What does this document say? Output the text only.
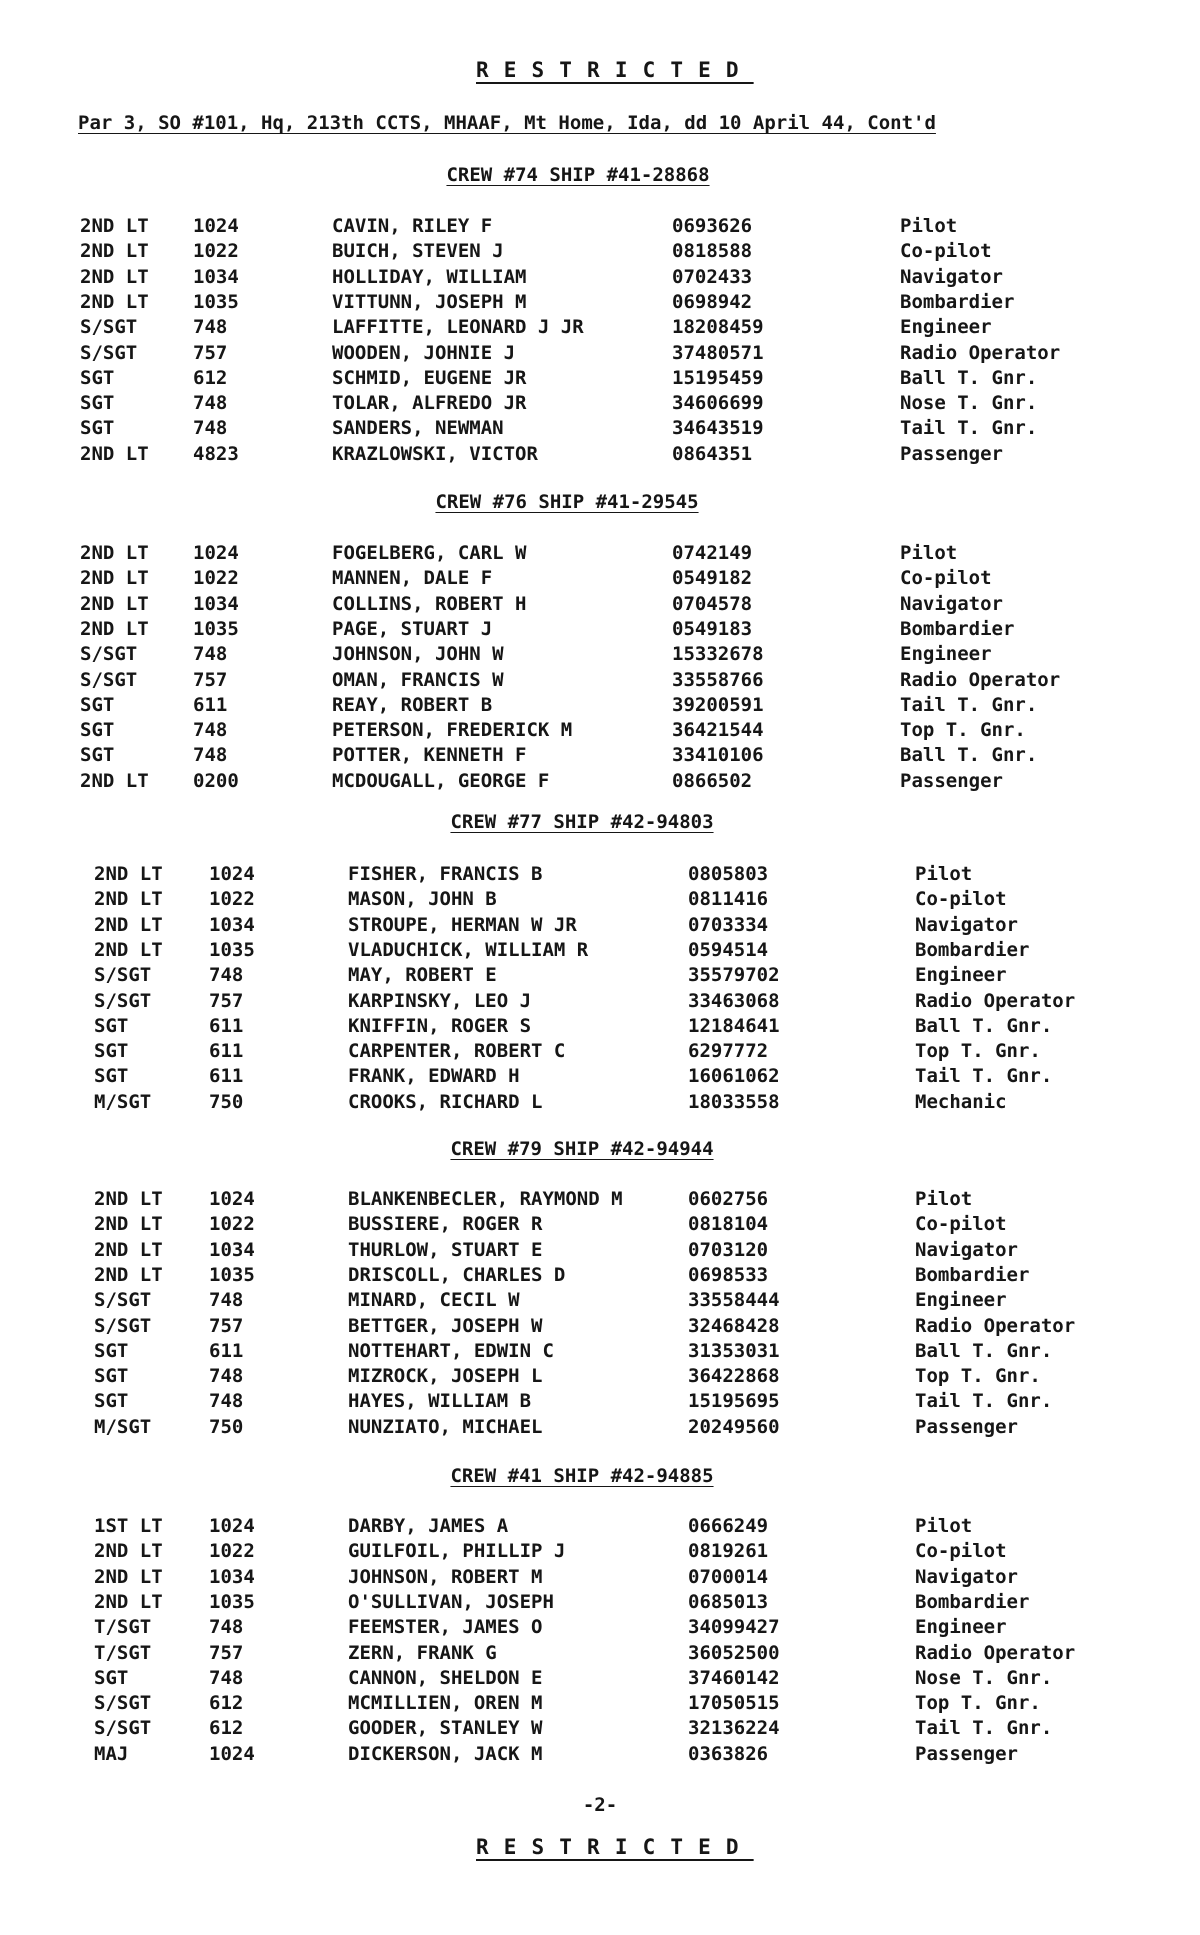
RESTRICTED
Par 3, SO #101, Hq, 213th CCTS, MHAAF, Mt Home, Ida, dd 10 April 44, Cont'd
CREW #74 SHIP #41-28868
2ND LT 1024	CAVIN, RILEY F	0693626	Pilot
2ND LT 1022	BUICH, STEVEN J	0818588	Co-pilot
2ND LT 1034	HOLLIDAY, WILLIAM	0702433	Navigator
2ND LT 1035	VITTUNN, JOSEPH M	0698942	Bombardier
S/SGT	748	LAFFITTE, LEONARD J JR	18208459	Engineer
S/SGT	757	WOODEN, JOHNIE J	37480571	Radio Operator
SGT	612	SCHMID, EUGENE JR	15195459	Ball T. Gnr.
SGT	748	TOLAR, ALFREDO JR	34606699	Nose T. Gnr.
SGT	748	SANDERS, NEWMAN	34643519	Tail T. Gnr.
2ND LT 4823	KRAZLOWSKI, VICTOR	0864351	Passenger
CREW #76 SHIP #41-29545
2ND LT 1024	FOGELBERG, CARL W	0742149	Pilot
2ND LT 1022	MANNEN, DALE F	0549182	Co-pilot
2ND LT 1034	COLLINS, ROBERT H	0704578	Navigator
2ND LT 1035	PAGE, STUART J	0549183	Bombardier
S/SGT	748	JOHNSON, JOHN W	15332678	Engineer
S/SGT	757	OMAN, FRANCIS W	33558766	Radio Operator
SGT	611	REAY, ROBERT B	39200591	Tail T. Gnr.
SGT	748	PETERSON, FREDERICK M	36421544	Top T. Gnr.
SGT	748	POTTER, KENNETH F	33410106	Ball T. Gnr.
2ND LT 0200	MCDOUGALL, GEORGE F	0866502	Passenger
CREW #77 SHIP #42-94803
2ND LT 1024	FISHER, FRANCIS B	0805803	Pilot
2ND LT 1022	MASON, JOHN B	0811416	Co-pilot
2ND LT 1034	STROUPE, HERMAN W JR	0703334	Navigator
2ND LT 1035	VLADUCHICK, WILLIAM R	0594514	Bombardier
S/SGT	748	MAY, ROBERT E	35579702	Engineer
S/SGT	757	KARPINSKY, LEO J	33463068	Radio Operator
SGT	611	KNIFFIN, ROGER S	12184641	Ball T. Gnr.
SGT	611	CARPENTER, ROBERT C	6297772	Top T. Gnr.
SGT	611	FRANK, EDWARD H	16061062	Tail T. Gnr.
M/SGT	750	CROOKS, RICHARD L	18033558	Mechanic
CREW #79 SHIP #42-94944
2ND LT 1024	BLANKENBECLER, RAYMOND M	0602756	Pilot
2ND LT 1022	BUSSIERE, ROGER R	0818104	Co-pilot
2ND LT 1034	THURLOW, STUART E	0703120	Navigator
2ND LT 1035	DRISCOLL, CHARLES D	0698533	Bombardier
S/SGT	748	MINARD, CECIL W	33558444	Engineer
S/SGT	757	BETTGER, JOSEPH W	32468428	Radio Operator
SGT	611	NOTTEHART, EDWIN C	31353031	Ball T. Gnr.
SGT	748	MIZROCK, JOSEPH L	36422868	Top T. Gnr.
SGT	748	HAYES, WILLIAM B	15195695	Tail T. Gnr.
M/SGT	750	NUNZIATO, MICHAEL	20249560	Passenger
CREW #41 SHIP #42-94885
1ST LT 1024	DARBY, JAMES A	0666249	Pilot
2ND LT 1022	GUILFOIL, PHILLIP J	0819261	Co-pilot
2ND LT 1034	JOHNSON, ROBERT M	0700014	Navigator
2ND LT 1035	O'SULLIVAN, JOSEPH	0685013	Bombardier
T/SGT	748	FEEMSTER, JAMES O	34099427	Engineer
T/SGT	757	ZERN, FRANK G	36052500	Radio Operator
SGT	748	CANNON, SHELDON E	37460142	Nose T. Gnr.
S/SGT	612	MCMILLIEN, OREN M	17050515	Top T. Gnr.
S/SGT	612	GOODER, STANLEY W	32136224	Tail T. Gnr.
MAJ	1024	DICKERSON, JACK M	0363826	Passenger
-2-
RESTRICTED
